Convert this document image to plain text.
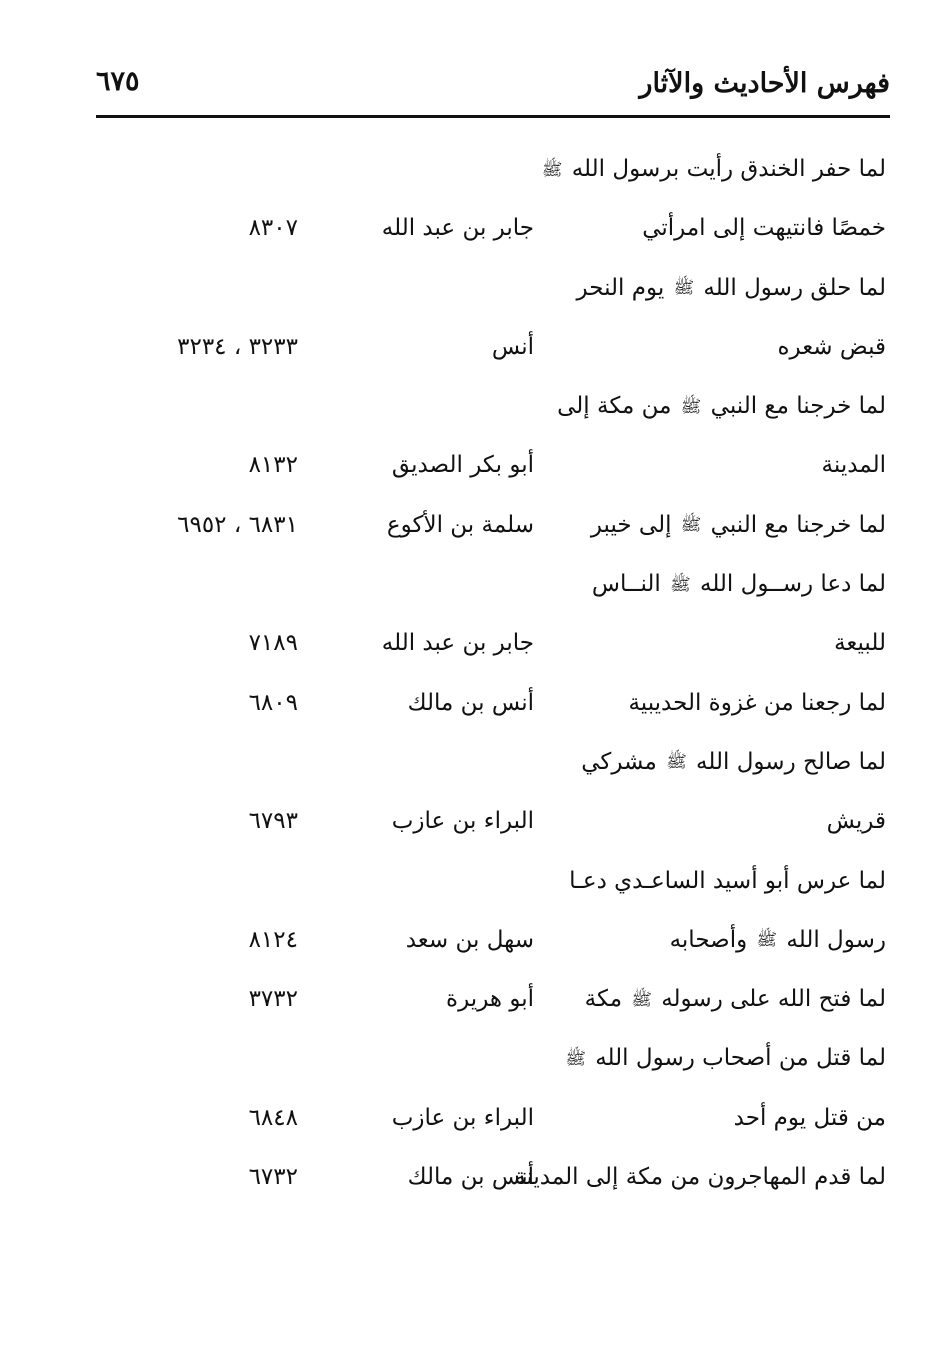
فهرس الأحاديث والآثار
٦٧٥
لما حفر الخندق رأيت برسول الله ﷺ
خمصًا فانتيهت إلى امرأتي
جابر بن عبد الله
٨٣٠٧
لما حلق رسول الله ﷺ يوم النحر
قبض شعره
أنس
٣٢٣٣ ، ٣٢٣٤
لما خرجنا مع النبي ﷺ من مكة إلى
المدينة
أبو بكر الصديق
٨١٣٢
لما خرجنا مع النبي ﷺ إلى خيبر
سلمة بن الأكوع
٦٨٣١ ، ٦٩٥٢
لما دعا رســول الله ﷺ النــاس
للبيعة
جابر بن عبد الله
٧١٨٩
لما رجعنا من غزوة الحديبية
أنس بن مالك
٦٨٠٩
لما صالح رسول الله ﷺ مشركي
قريش
البراء بن عازب
٦٧٩٣
لما عرس أبو أسيد الساعـدي دعـا
رسول الله ﷺ وأصحابه
سهل بن سعد
٨١٢٤
لما فتح الله على رسوله ﷺ مكة
أبو هريرة
٣٧٣٢
لما قتل من أصحاب رسول الله ﷺ
من قتل يوم أحد
البراء بن عازب
٦٨٤٨
لما قدم المهاجرون من مكة إلى المدينة
أنس بن مالك
٦٧٣٢
